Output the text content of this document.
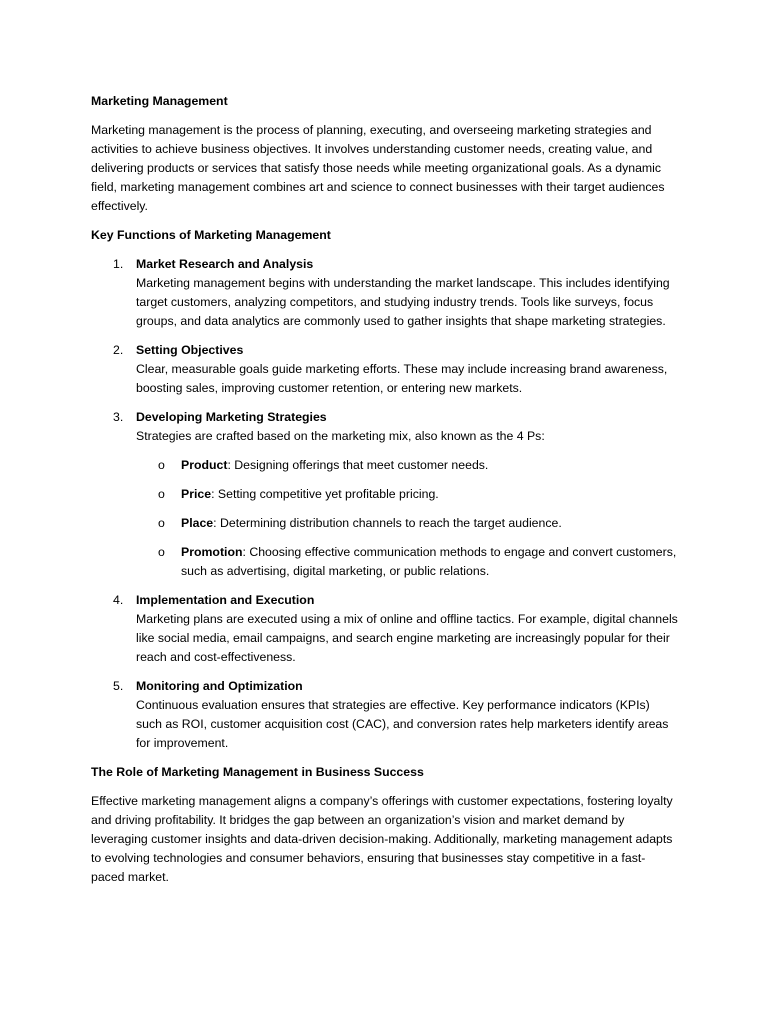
Marketing Management

Marketing management is the process of planning, executing, and overseeing marketing strategies and activities to achieve business objectives. It involves understanding customer needs, creating value, and delivering products or services that satisfy those needs while meeting organizational goals. As a dynamic field, marketing management combines art and science to connect businesses with their target audiences effectively.

Key Functions of Marketing Management
1. Market Research and Analysis
Marketing management begins with understanding the market landscape. This includes identifying target customers, analyzing competitors, and studying industry trends. Tools like surveys, focus groups, and data analytics are commonly used to gather insights that shape marketing strategies.
2. Setting Objectives
Clear, measurable goals guide marketing efforts. These may include increasing brand awareness, boosting sales, improving customer retention, or entering new markets.
3. Developing Marketing Strategies
Strategies are crafted based on the marketing mix, also known as the 4 Ps:
o Product: Designing offerings that meet customer needs.
o Price: Setting competitive yet profitable pricing.
o Place: Determining distribution channels to reach the target audience.
o Promotion: Choosing effective communication methods to engage and convert customers, such as advertising, digital marketing, or public relations.
4. Implementation and Execution
Marketing plans are executed using a mix of online and offline tactics. For example, digital channels like social media, email campaigns, and search engine marketing are increasingly popular for their reach and cost-effectiveness.
5. Monitoring and Optimization
Continuous evaluation ensures that strategies are effective. Key performance indicators (KPIs) such as ROI, customer acquisition cost (CAC), and conversion rates help marketers identify areas for improvement.
The Role of Marketing Management in Business Success

Effective marketing management aligns a company’s offerings with customer expectations, fostering loyalty and driving profitability. It bridges the gap between an organization’s vision and market demand by leveraging customer insights and data-driven decision-making. Additionally, marketing management adapts to evolving technologies and consumer behaviors, ensuring that businesses stay competitive in a fast-paced market.
